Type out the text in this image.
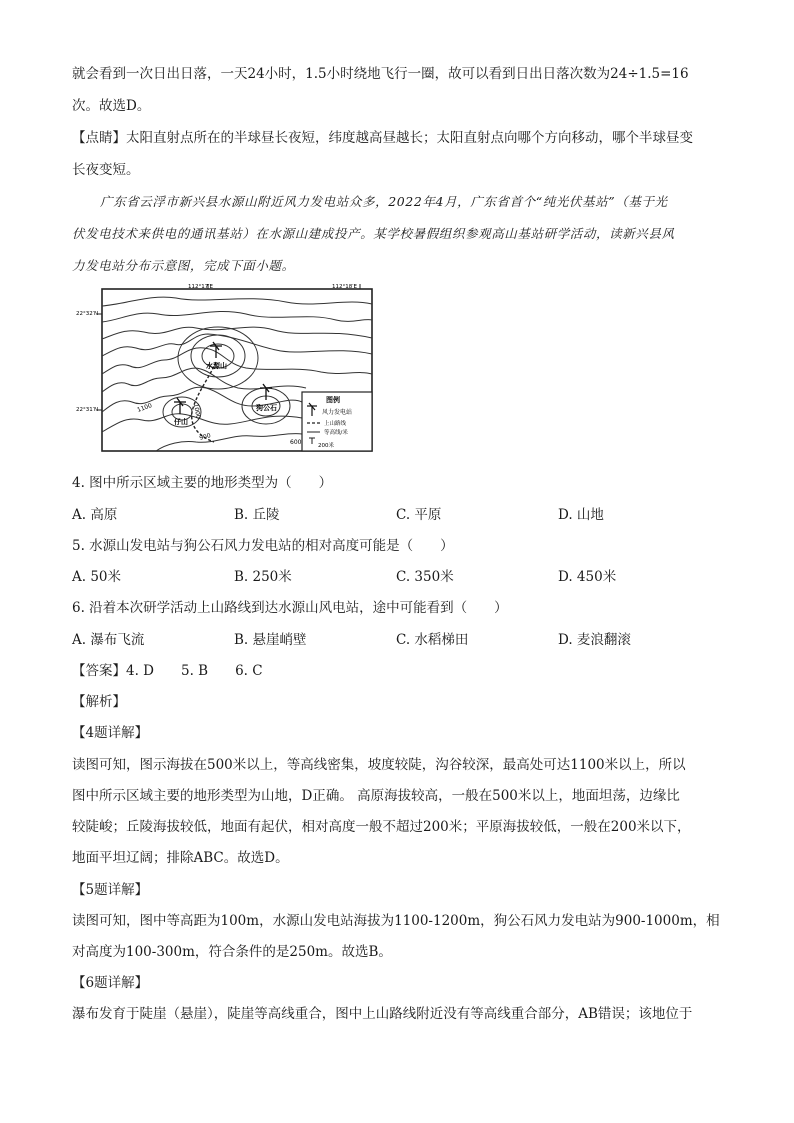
就会看到一次日出日落，一天24小时，1.5小时绕地飞行一圈，故可以看到日出日落次数为24÷1.5=16
次。故选D。
【点睛】太阳直射点所在的半球昼长夜短，纬度越高昼越长；太阳直射点向哪个方向移动，哪个半球昼变
长夜变短。
广东省云浮市新兴县水源山附近风力发电站众多，2022年4月，广东省首个“纯光伏基站”（基于光
伏发电技术来供电的通讯基站）在水源山建成投产。某学校暑假组织参观高山基站研学活动，读新兴县风
力发电站分布示意图，完成下面小题。
112°17′E	112°18′E
22°32′N
22°31′N
水源山
狗公石
仔山
1100	1000
900
600
图例
风力发电站
上山路线
等高线/米
200米
4. 图中所示区域主要的地形类型为（　　）
A. 高原	B. 丘陵	C. 平原	D. 山地
5. 水源山发电站与狗公石风力发电站的相对高度可能是（　　）
A. 50米	B. 250米	C. 350米	D. 450米
6. 沿着本次研学活动上山路线到达水源山风电站，途中可能看到（　　）
A. 瀑布飞流	B. 悬崖峭壁	C. 水稻梯田	D. 麦浪翻滚
【答案】4. D　　5. B　　6. C
【解析】
【4题详解】
读图可知，图示海拔在500米以上，等高线密集，坡度较陡，沟谷较深，最高处可达1100米以上，所以
图中所示区域主要的地形类型为山地，D正确。 高原海拔较高，一般在500米以上，地面坦荡，边缘比
较陡峻；丘陵海拔较低，地面有起伏，相对高度一般不超过200米；平原海拔较低，一般在200米以下，
地面平坦辽阔；排除ABC。故选D。
【5题详解】
读图可知，图中等高距为100m，水源山发电站海拔为1100-1200m，狗公石风力发电站为900-1000m，相
对高度为100-300m，符合条件的是250m。故选B。
【6题详解】
瀑布发育于陡崖（悬崖），陡崖等高线重合，图中上山路线附近没有等高线重合部分，AB错误；该地位于
